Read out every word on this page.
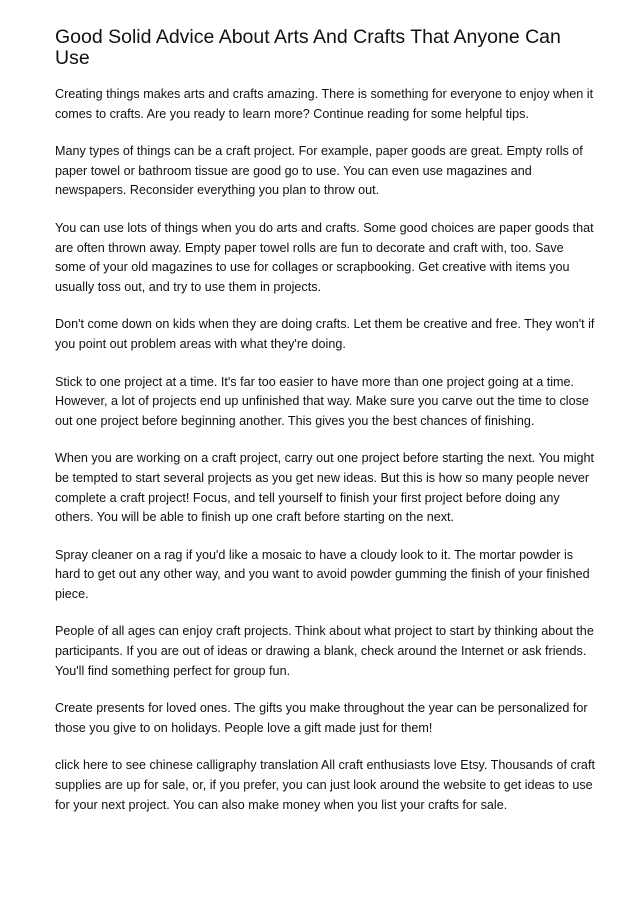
Good Solid Advice About Arts And Crafts That Anyone Can Use

Creating things makes arts and crafts amazing. There is something for everyone to enjoy when it comes to crafts. Are you ready to learn more? Continue reading for some helpful tips.

Many types of things can be a craft project. For example, paper goods are great. Empty rolls of paper towel or bathroom tissue are good go to use. You can even use magazines and newspapers. Reconsider everything you plan to throw out.

You can use lots of things when you do arts and crafts. Some good choices are paper goods that are often thrown away. Empty paper towel rolls are fun to decorate and craft with, too. Save some of your old magazines to use for collages or scrapbooking. Get creative with items you usually toss out, and try to use them in projects.

Don't come down on kids when they are doing crafts. Let them be creative and free. They won't if you point out problem areas with what they're doing.

Stick to one project at a time. It's far too easier to have more than one project going at a time. However, a lot of projects end up unfinished that way. Make sure you carve out the time to close out one project before beginning another. This gives you the best chances of finishing.

When you are working on a craft project, carry out one project before starting the next. You might be tempted to start several projects as you get new ideas. But this is how so many people never complete a craft project! Focus, and tell yourself to finish your first project before doing any others. You will be able to finish up one craft before starting on the next.

Spray cleaner on a rag if you'd like a mosaic to have a cloudy look to it. The mortar powder is hard to get out any other way, and you want to avoid powder gumming the finish of your finished piece.

People of all ages can enjoy craft projects. Think about what project to start by thinking about the participants. If you are out of ideas or drawing a blank, check around the Internet or ask friends. You'll find something perfect for group fun.

Create presents for loved ones. The gifts you make throughout the year can be personalized for those you give to on holidays. People love a gift made just for them!

click here to see chinese calligraphy translation All craft enthusiasts love Etsy. Thousands of craft supplies are up for sale, or, if you prefer, you can just look around the website to get ideas to use for your next project. You can also make money when you list your crafts for sale.
